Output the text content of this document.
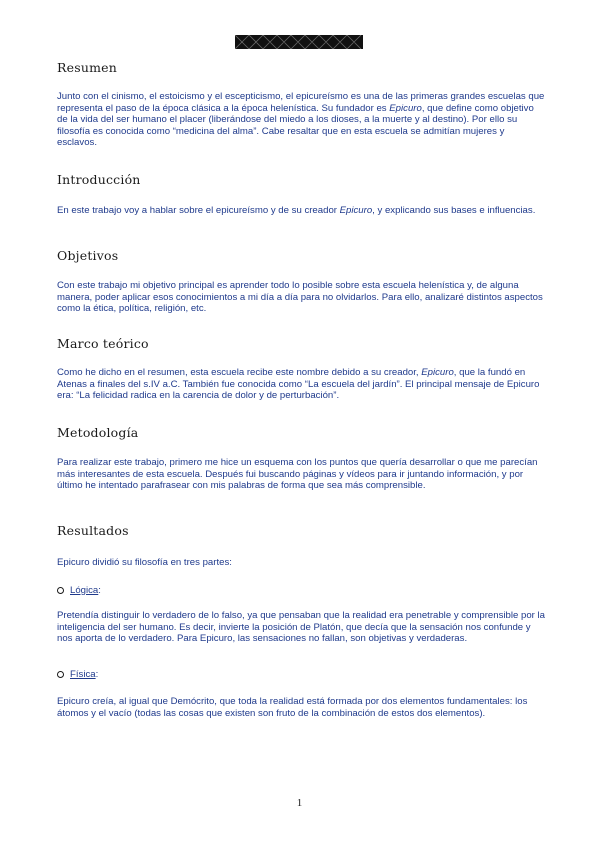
Resumen

Junto con el cinismo, el estoicismo y el escepticismo, el epicureísmo es una de las primeras grandes escuelas que representa el paso de la época clásica a la época helenística. Su fundador es Epicuro, que define como objetivo de la vida del ser humano el placer (liberándose del miedo a los dioses, a la muerte y al destino). Por ello su filosofía es conocida como “medicina del alma”. Cabe resaltar que en esta escuela se admitían mujeres y esclavos.

Introducción

En este trabajo voy a hablar sobre el epicureísmo y de su creador Epicuro, y explicando sus bases e influencias.

Objetivos

Con este trabajo mi objetivo principal es aprender todo lo posible sobre esta escuela helenística y, de alguna manera, poder aplicar esos conocimientos a mi día a día para no olvidarlos. Para ello, analizaré distintos aspectos como la ética, política, religión, etc.

Marco teórico

Como he dicho en el resumen, esta escuela recibe este nombre debido a su creador, Epicuro, que la fundó en Atenas a finales del s.IV a.C. También fue conocida como “La escuela del jardín”. El principal mensaje de Epicuro era: “La felicidad radica en la carencia de dolor y de perturbación”.

Metodología

Para realizar este trabajo, primero me hice un esquema con los puntos que quería desarrollar o que me parecían más interesantes de esta escuela. Después fui buscando páginas y vídeos para ir juntando información, y por último he intentado parafrasear con mis palabras de forma que sea más comprensible.

Resultados

Epicuro dividió su filosofía en tres partes:

Lógica :

Pretendía distinguir lo verdadero de lo falso, ya que pensaban que la realidad era penetrable y comprensible por la inteligencia del ser humano. Es decir, invierte la posición de Platón, que decía que la sensación nos confunde y nos aporta de lo verdadero. Para Epicuro, las sensaciones no fallan, son objetivas y verdaderas.

Física :

Epicuro creía, al igual que Demócrito, que toda la realidad está formada por dos elementos fundamentales: los átomos y el vacío (todas las cosas que existen son fruto de la combinación de estos dos elementos).

1
